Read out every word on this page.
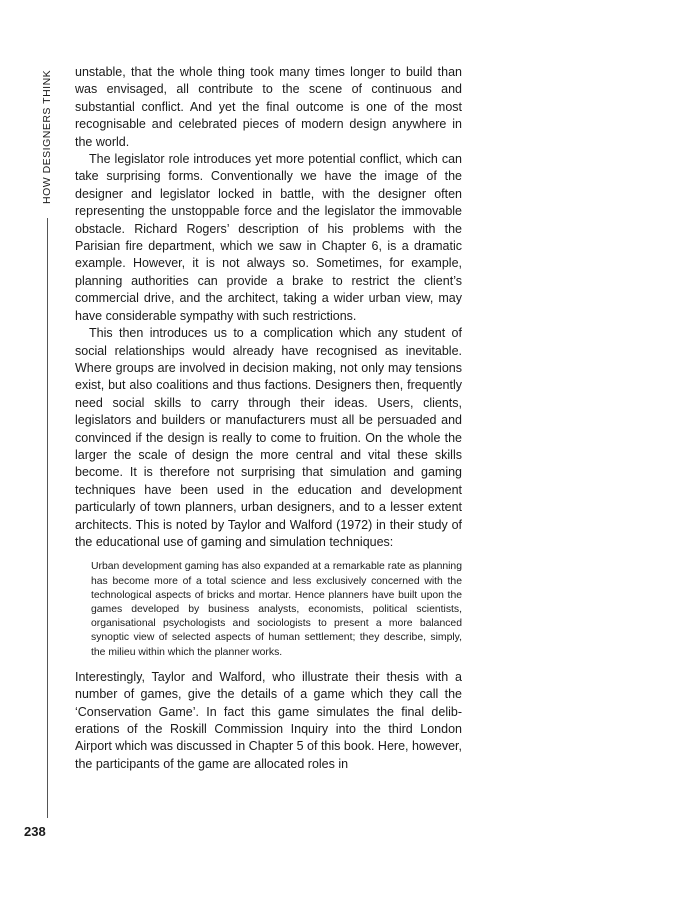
HOW DESIGNERS THINK
238

unstable, that the whole thing took many times longer to build than was envisaged, all contribute to the scene of continuous and substantial conflict. And yet the final outcome is one of the most recognisable and celebrated pieces of modern design anywhere in the world.

The legislator role introduces yet more potential conflict, which can take surprising forms. Conventionally we have the image of the designer and legislator locked in battle, with the designer often representing the unstoppable force and the legislator the immovable obstacle. Richard Rogers’ description of his problems with the Parisian fire department, which we saw in Chapter 6, is a dramatic example. However, it is not always so. Sometimes, for example, planning authorities can provide a brake to restrict the client’s commercial drive, and the architect, taking a wider urban view, may have considerable sympathy with such restrictions.

This then introduces us to a complication which any student of social relationships would already have recognised as inevitable. Where groups are involved in decision making, not only may tensions exist, but also coalitions and thus factions. Designers then, frequently need social skills to carry through their ideas. Users, clients, legislators and builders or manufacturers must all be persuaded and convinced if the design is really to come to fruition. On the whole the larger the scale of design the more central and vital these skills become. It is therefore not surprising that simulation and gaming techniques have been used in the education and development particularly of town planners, urban designers, and to a lesser extent architects. This is noted by Taylor and Walford (1972) in their study of the educational use of gaming and simulation techniques:

Urban development gaming has also expanded at a remarkable rate as planning has become more of a total science and less exclusively concerned with the technological aspects of bricks and mortar. Hence planners have built upon the games developed by business analysts, economists, political scientists, organisational psychologists and sociologists to present a more balanced synoptic view of selected aspects of human settlement; they describe, simply, the milieu within which the planner works.

Interestingly, Taylor and Walford, who illustrate their thesis with a number of games, give the details of a game which they call the ‘Conservation Game’. In fact this game simulates the final deliberations of the Roskill Commission Inquiry into the third London Airport which was discussed in Chapter 5 of this book. Here, however, the participants of the game are allocated roles in
